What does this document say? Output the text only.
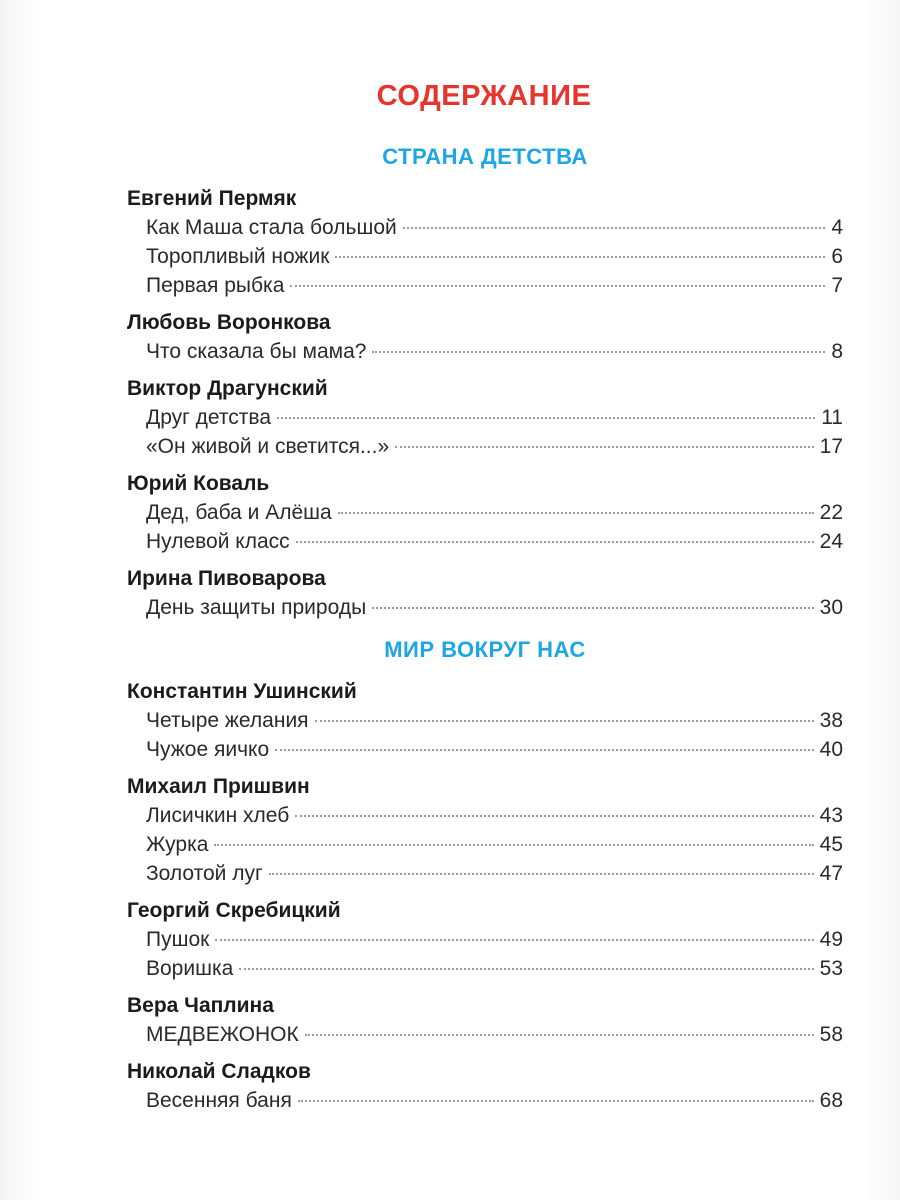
СОДЕРЖАНИЕ
СТРАНА ДЕТСТВА
Евгений Пермяк
Как Маша стала большой	4
Торопливый ножик	6
Первая рыбка	7
Любовь Воронкова
Что сказала бы мама?	8
Виктор Драгунский
Друг детства	11
«Он живой и светится...»	17
Юрий Коваль
Дед, баба и Алёша	22
Нулевой класс	24
Ирина Пивоварова
День защиты природы	30
МИР ВОКРУГ НАС
Константин Ушинский
Четыре желания	38
Чужое яичко	40
Михаил Пришвин
Лисичкин хлеб	43
Журка	45
Золотой луг	47
Георгий Скребицкий
Пушок	49
Воришка	53
Вера Чаплина
МЕДВЕЖОНОК	58
Николай Сладков
Весенняя баня	68
